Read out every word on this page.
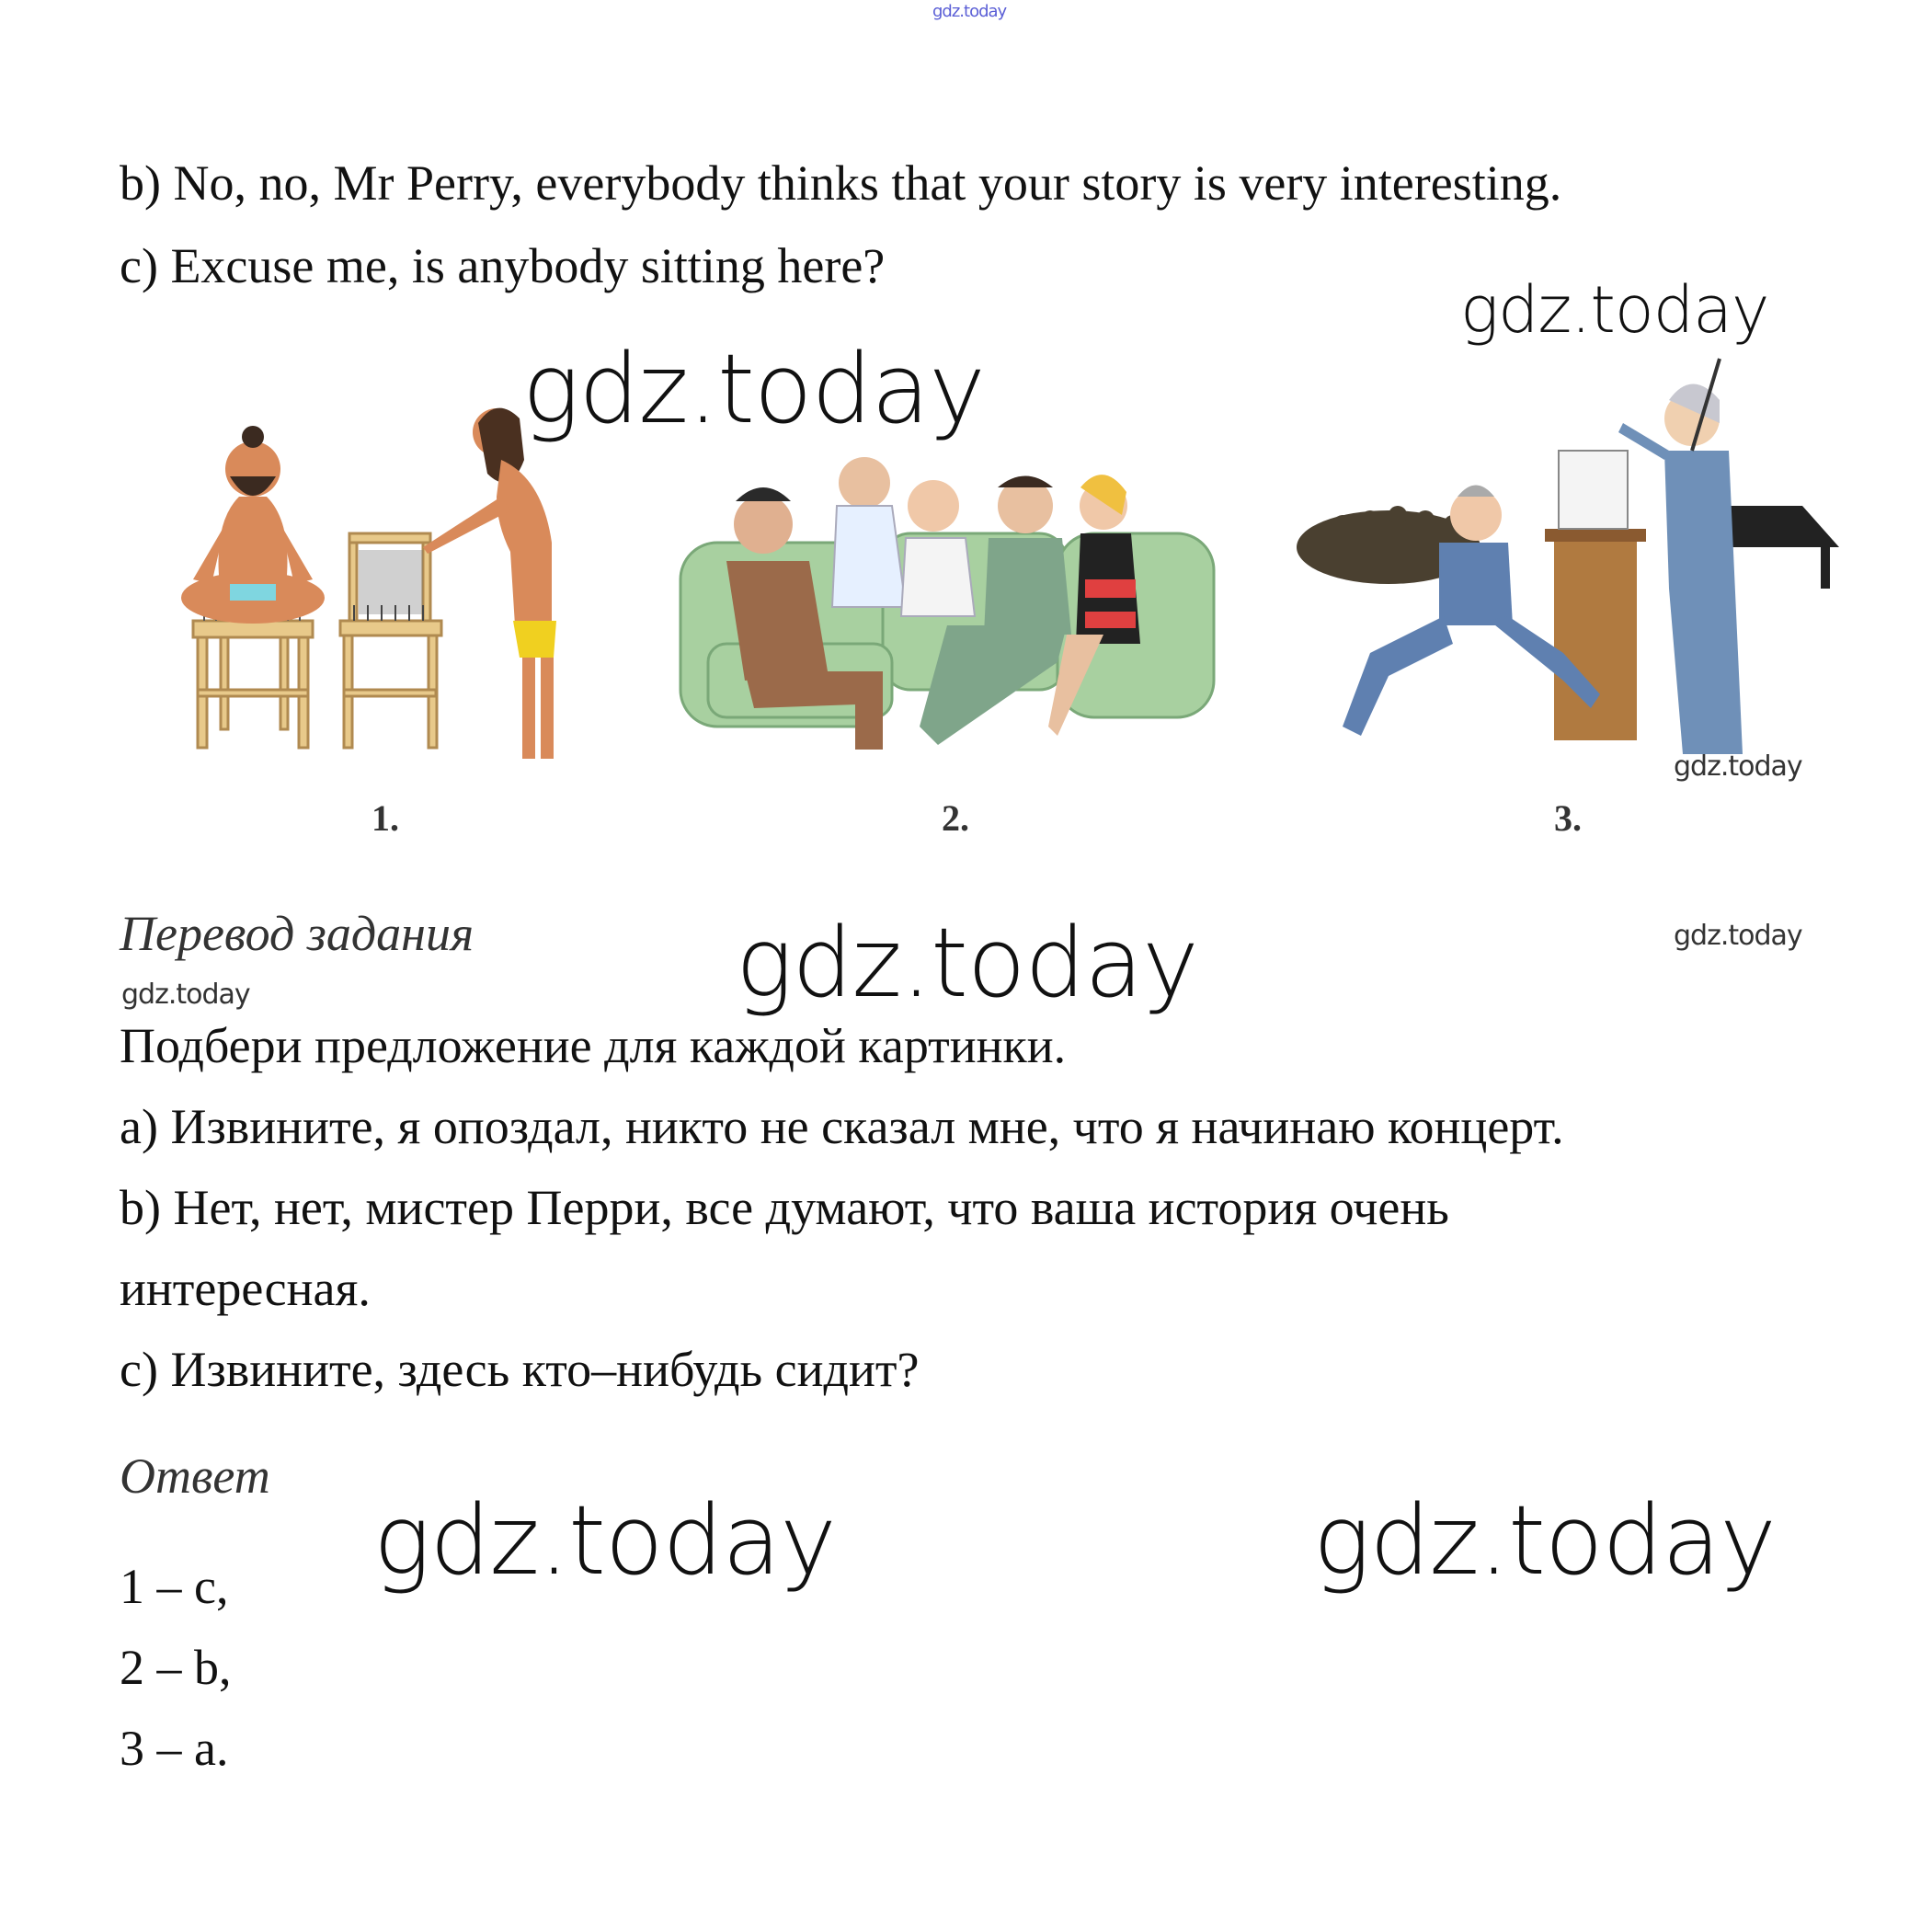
gdz.today
b) No, no, Mr Perry, everybody thinks that your story is very interesting.
c) Excuse me, is anybody sitting here?
gdz.today
gdz.today
1.	2.	3.
gdz.today
Перевод задания	gdz.today	gdz.today
gdz.today
Подбери предложение для каждой картинки.
a) Извините, я опоздал, никто не сказал мне, что я начинаю концерт.
b) Нет, нет, мистер Перри, все думают, что ваша история очень
интересная.
c) Извините, здесь кто–нибудь сидит?
Ответ
gdz.today	gdz.today
1 – c,
2 – b,
3 – a.
